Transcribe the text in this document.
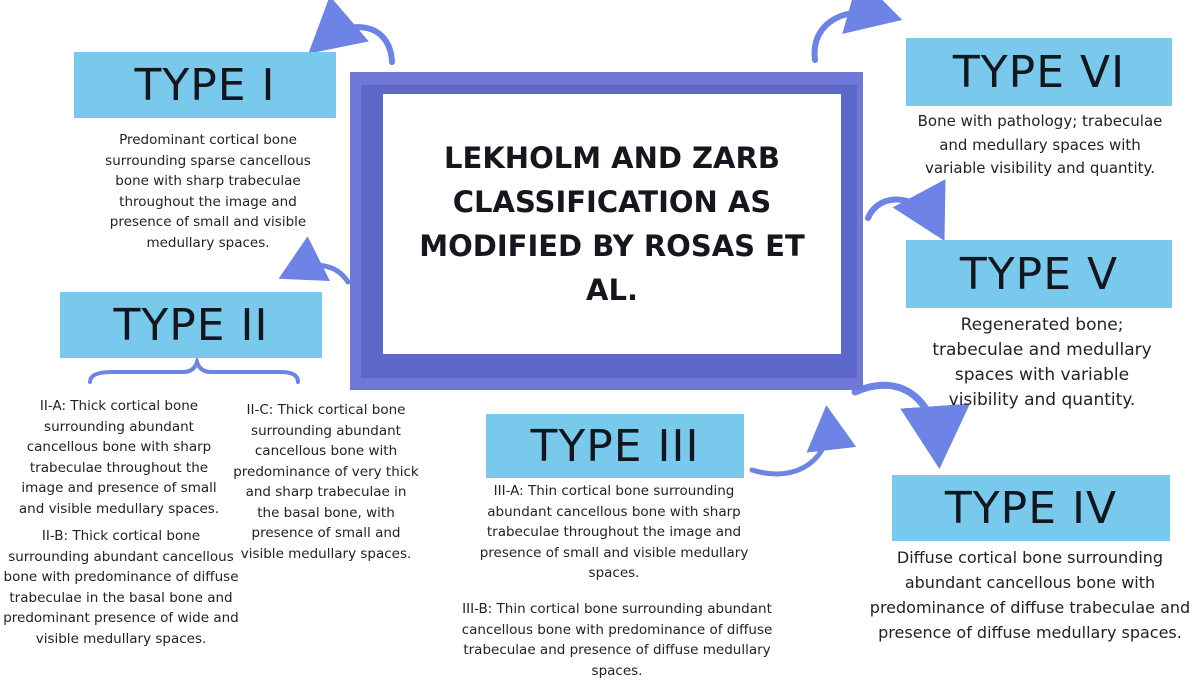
LEKHOLM AND ZARB CLASSIFICATION AS MODIFIED BY ROSAS ET AL.
TYPE I
Predominant cortical bone surrounding sparse cancellous bone with sharp trabeculae throughout the image and presence of small and visible medullary spaces.
TYPE II
II-A: Thick cortical bone surrounding abundant cancellous bone with sharp trabeculae throughout the image and presence of small and visible medullary spaces.
II-B: Thick cortical bone surrounding abundant cancellous bone with predominance of diffuse trabeculae in the basal bone and predominant presence of wide and visible medullary spaces.
II-C: Thick cortical bone surrounding abundant cancellous bone with predominance of very thick and sharp trabeculae in the basal bone, with presence of small and visible medullary spaces.
TYPE III
III-A: Thin cortical bone surrounding abundant cancellous bone with sharp trabeculae throughout the image and presence of small and visible medullary spaces.
III-B: Thin cortical bone surrounding abundant cancellous bone with predominance of diffuse trabeculae and presence of diffuse medullary spaces.
TYPE VI
Bone with pathology; trabeculae and medullary spaces with variable visibility and quantity.
TYPE V
Regenerated bone; trabeculae and medullary spaces with variable visibility and quantity.
TYPE IV
Diffuse cortical bone surrounding abundant cancellous bone with predominance of diffuse trabeculae and presence of diffuse medullary spaces.
